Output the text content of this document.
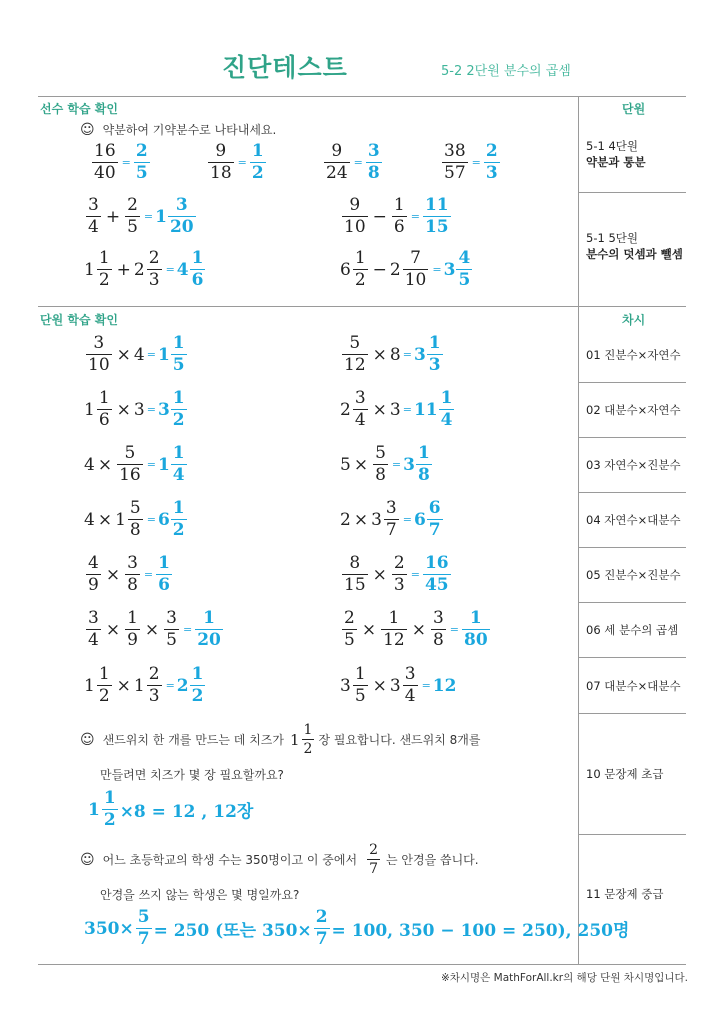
진단테스트	5-2 2단원 분수의 곱셈
선수 학습 확인
단원 학습 확인
단원
차시
5-1 4단원
약분과 통분
5-1 5단원
분수의 덧셈과 뺄셈
01 진분수×자연수
02 대분수×자연수
03 자연수×진분수
04 자연수×대분수
05 진분수×진분수
06 세 분수의 곱셈
07 대분수×대분수
10 문장제 초급
11 문장제 중급
☺ 약분하여 기약분수로 나타내세요.
$\frac{16}{40} = \frac{2}{5}$	$\frac{9}{18} = \frac{1}{2}$	$\frac{9}{24} = \frac{3}{8}$	$\frac{38}{57} = \frac{2}{3}$
$\frac{3}{4} + \frac{2}{5} = 1 \frac{3}{20}$	$\frac{9}{10} - \frac{1}{6} = \frac{11}{15}$
$1 \frac{1}{2} + 2 \frac{2}{3} = 4 \frac{1}{6}$	$6 \frac{1}{2} - 2 \frac{7}{10} = 3 \frac{4}{5}$
$\frac{3}{10} \times 4 = 1 \frac{1}{5}$	$\frac{5}{12} \times 8 = 3 \frac{1}{3}$
$1 \frac{1}{6} \times 3 = 3 \frac{1}{2}$	$2 \frac{3}{4} \times 3 = 11 \frac{1}{4}$
$4 \times \frac{5}{16} = 1 \frac{1}{4}$	$5 \times \frac{5}{8} = 3 \frac{1}{8}$
$4 \times 1 \frac{5}{8} = 6 \frac{1}{2}$	$2 \times 3 \frac{3}{7} = 6 \frac{6}{7}$
$\frac{4}{9} \times \frac{3}{8} = \frac{1}{6}$	$\frac{8}{15} \times \frac{2}{3} = \frac{16}{45}$
$\frac{3}{4} \times \frac{1}{9} \times \frac{3}{5} = \frac{1}{20}$	$\frac{2}{5} \times \frac{1}{12} \times \frac{3}{8} = \frac{1}{80}$
$1 \frac{1}{2} \times 1 \frac{2}{3} = 2 \frac{1}{2}$	$3 \frac{1}{5} \times 3 \frac{3}{4} = 12$
☺ 샌드위치 한 개를 만드는 데 치즈가 $1 \frac{1}{2}$ 장 필요합니다. 샌드위치 8개를
만들려면 치즈가 몇 장 필요할까요?
$1 \frac{1}{2} \times 8 = 12$ , 12장
☺ 어느 초등학교의 학생 수는 350명이고 이 중에서 $\frac{2}{7}$ 는 안경을 씁니다.
안경을 쓰지 않는 학생은 몇 명일까요?
$350\times \frac{5}{7} = 250$ (또는 $350\times \frac{2}{7} = 100$, 350 − 100 = 250), 250명
※차시명은 MathForAll.kr의 해당 단원 차시명입니다.
